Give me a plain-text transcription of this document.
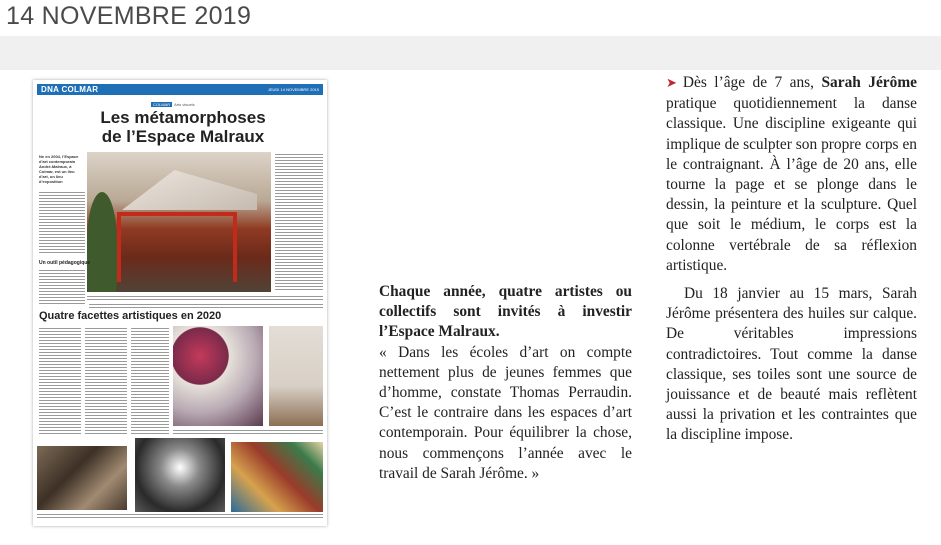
14 NOVEMBRE 2019
DNA COLMAR	JEUDI 14 NOVEMBRE 2019
COLMAR Arts visuels
Les métamorphoses
de l’Espace Malraux
Ne en 2004, l’Espace d’art contemporain André-Malraux, à Colmar, est un lieu d’art, un lieu d’exposition
Un outil pédagogique
Quatre facettes artistiques en 2020
Chaque année, quatre artistes ou collectifs sont invités à investir l’Espace Malraux.

« Dans les écoles d’art on compte nettement plus de jeunes femmes que d’homme, constate Thomas Perraudin. C’est le contraire dans les espaces d’art contemporain. Pour équilibrer la chose, nous commençons l’année avec le travail de Sarah Jérôme. »

➤ Dès l’âge de 7 ans, Sarah Jérôme pratique quotidiennement la danse classique. Une discipline exigeante qui implique de sculpter son propre corps en le contraignant. À l’âge de 20 ans, elle tourne la page et se plonge dans le dessin, la peinture et la sculpture. Quel que soit le médium, le corps est la colonne vertébrale de sa réflexion artistique.

Du 18 janvier au 15 mars, Sarah Jérôme présentera des huiles sur calque. De véritables impressions contradictoires. Tout comme la danse classique, ses toiles sont une source de jouissance et de beauté mais reflètent aussi la privation et les contraintes que la discipline impose.
